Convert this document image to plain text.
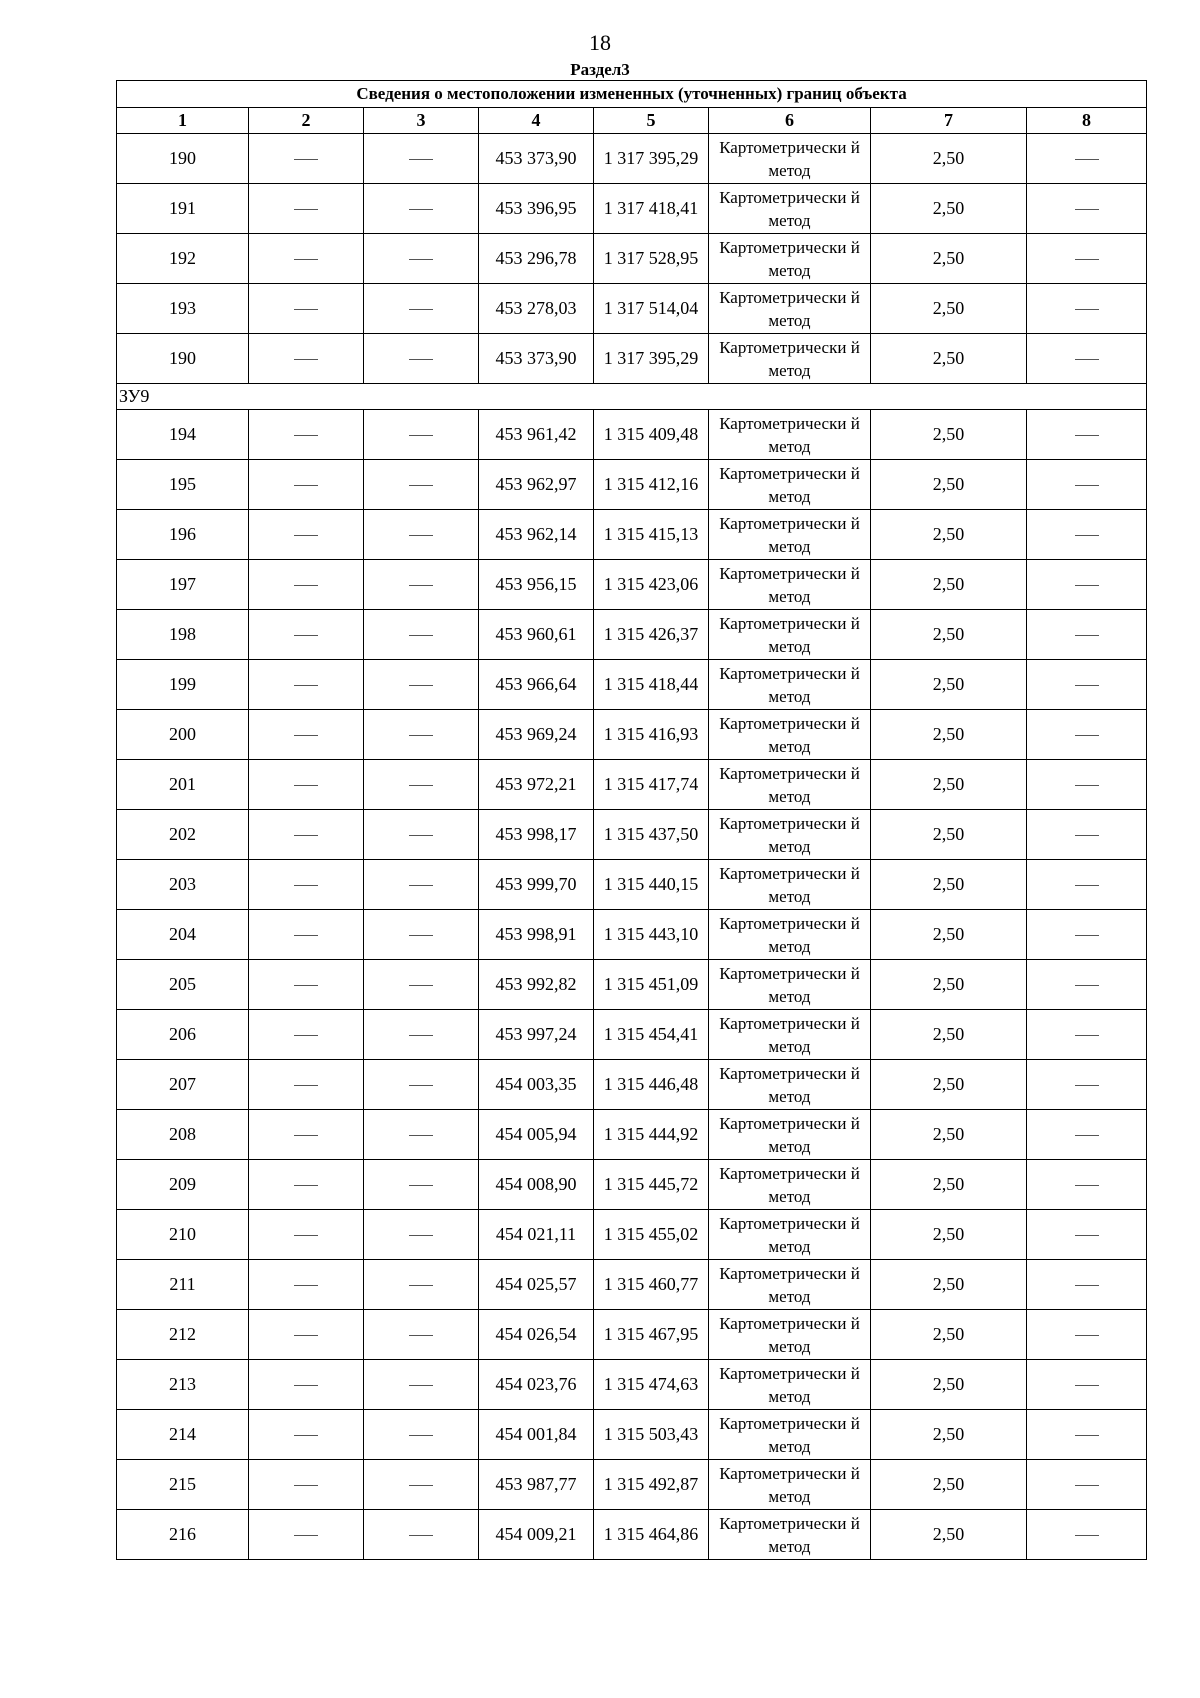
18
Раздел3
Сведения о местоположении измененных (уточненных) границ объекта							
1	2	3	4	5	6	7	8
190			453 373,90	1 317 395,29	Картометрически й метод	2,50	
191			453 396,95	1 317 418,41	Картометрически й метод	2,50	
192			453 296,78	1 317 528,95	Картометрически й метод	2,50	
193			453 278,03	1 317 514,04	Картометрически й метод	2,50	
190			453 373,90	1 317 395,29	Картометрически й метод	2,50	
ЗУ9							
194			453 961,42	1 315 409,48	Картометрически й метод	2,50	
195			453 962,97	1 315 412,16	Картометрически й метод	2,50	
196			453 962,14	1 315 415,13	Картометрически й метод	2,50	
197			453 956,15	1 315 423,06	Картометрически й метод	2,50	
198			453 960,61	1 315 426,37	Картометрически й метод	2,50	
199			453 966,64	1 315 418,44	Картометрически й метод	2,50	
200			453 969,24	1 315 416,93	Картометрически й метод	2,50	
201			453 972,21	1 315 417,74	Картометрически й метод	2,50	
202			453 998,17	1 315 437,50	Картометрически й метод	2,50	
203			453 999,70	1 315 440,15	Картометрически й метод	2,50	
204			453 998,91	1 315 443,10	Картометрически й метод	2,50	
205			453 992,82	1 315 451,09	Картометрически й метод	2,50	
206			453 997,24	1 315 454,41	Картометрически й метод	2,50	
207			454 003,35	1 315 446,48	Картометрически й метод	2,50	
208			454 005,94	1 315 444,92	Картометрически й метод	2,50	
209			454 008,90	1 315 445,72	Картометрически й метод	2,50	
210			454 021,11	1 315 455,02	Картометрически й метод	2,50	
211			454 025,57	1 315 460,77	Картометрически й метод	2,50	
212			454 026,54	1 315 467,95	Картометрически й метод	2,50	
213			454 023,76	1 315 474,63	Картометрически й метод	2,50	
214			454 001,84	1 315 503,43	Картометрически й метод	2,50	
215			453 987,77	1 315 492,87	Картометрически й метод	2,50	
216			454 009,21	1 315 464,86	Картометрически й метод	2,50	
